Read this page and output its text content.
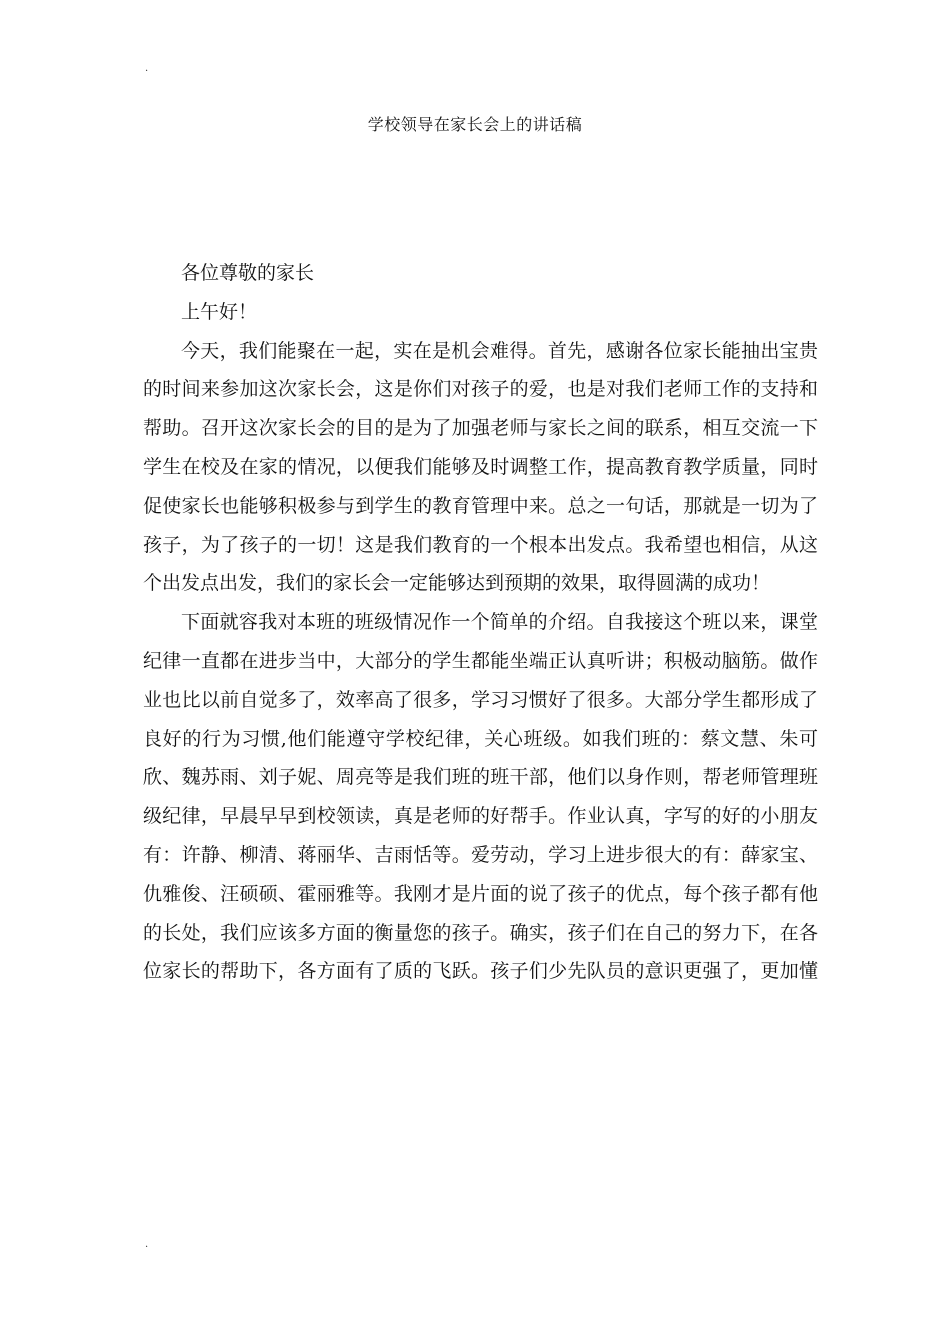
.
学校领导在家长会上的讲话稿

各位尊敬的家长

上午好！

今天，我们能聚在一起，实在是机会难得。首先，感谢各位家长能抽出宝贵的时间来参加这次家长会，这是你们对孩子的爱，也是对我们老师工作的支持和帮助。召开这次家长会的目的是为了加强老师与家长之间的联系，相互交流一下学生在校及在家的情况，以便我们能够及时调整工作，提高教育教学质量，同时促使家长也能够积极参与到学生的教育管理中来。总之一句话，那就是一切为了孩子，为了孩子的一切！这是我们教育的一个根本出发点。我希望也相信，从这个出发点出发，我们的家长会一定能够达到预期的效果，取得圆满的成功！

下面就容我对本班的班级情况作一个简单的介绍。自我接这个班以来，课堂纪律一直都在进步当中，大部分的学生都能坐端正认真听讲；积极动脑筋。做作业也比以前自觉多了，效率高了很多，学习习惯好了很多。大部分学生都形成了良好的行为习惯,他们能遵守学校纪律，关心班级。如我们班的：蔡文慧、朱可欣、魏苏雨、刘子妮、周亮等是我们班的班干部，他们以身作则，帮老师管理班级纪律，早晨早早到校领读，真是老师的好帮手。作业认真，字写的好的小朋友有：许静、柳清、蒋丽华、吉雨恬等。爱劳动，学习上进步很大的有：薛家宝、仇雅俊、汪硕硕、霍丽雅等。我刚才是片面的说了孩子的优点，每个孩子都有他的长处，我们应该多方面的衡量您的孩子。确实，孩子们在自己的努力下，在各位家长的帮助下，各方面有了质的飞跃。孩子们少先队员的意识更强了，更加懂

.
